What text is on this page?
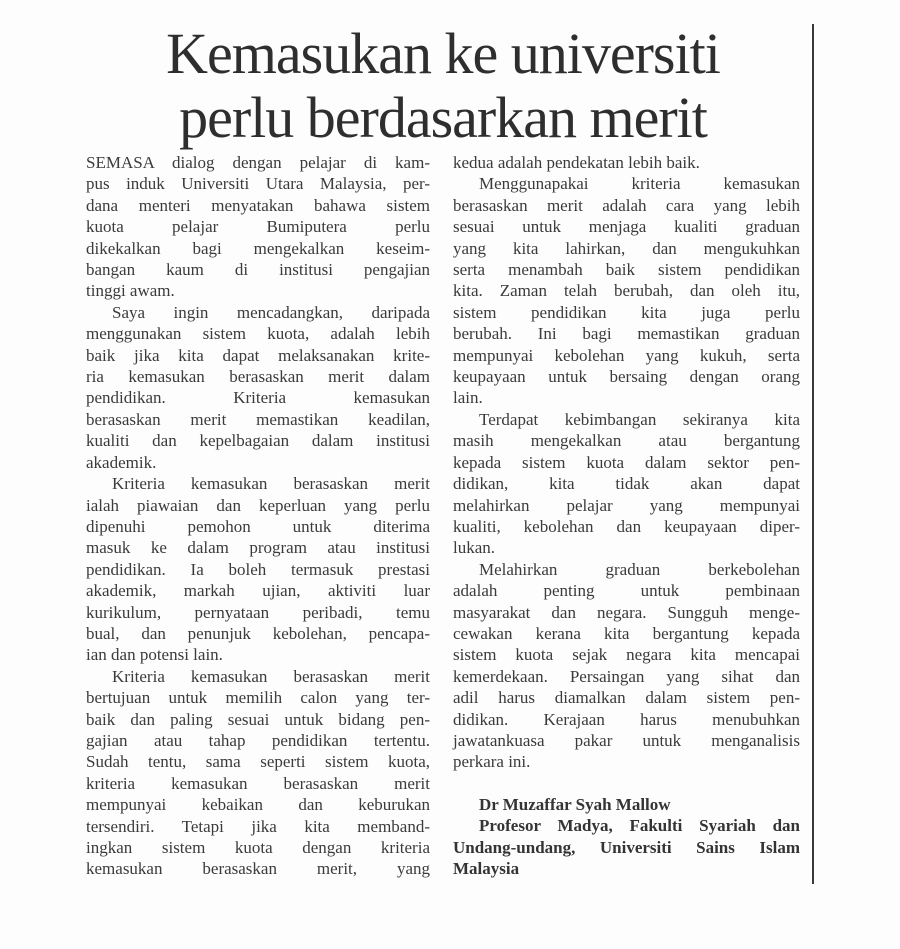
Kemasukan ke universiti
perlu berdasarkan merit
SEMASA dialog dengan pelajar di kam-
pus induk Universiti Utara Malaysia, per-
dana menteri menyatakan bahawa sistem
kuota pelajar Bumiputera perlu
dikekalkan bagi mengekalkan keseim-
bangan kaum di institusi pengajian
tinggi awam.
Saya ingin mencadangkan, daripada
menggunakan sistem kuota, adalah lebih
baik jika kita dapat melaksanakan krite-
ria kemasukan berasaskan merit dalam
pendidikan. Kriteria kemasukan
berasaskan merit memastikan keadilan,
kualiti dan kepelbagaian dalam institusi
akademik.
Kriteria kemasukan berasaskan merit
ialah piawaian dan keperluan yang perlu
dipenuhi pemohon untuk diterima
masuk ke dalam program atau institusi
pendidikan. Ia boleh termasuk prestasi
akademik, markah ujian, aktiviti luar
kurikulum, pernyataan peribadi, temu
bual, dan penunjuk kebolehan, pencapa-
ian dan potensi lain.
Kriteria kemasukan berasaskan merit
bertujuan untuk memilih calon yang ter-
baik dan paling sesuai untuk bidang pen-
gajian atau tahap pendidikan tertentu.
Sudah tentu, sama seperti sistem kuota,
kriteria kemasukan berasaskan merit
mempunyai kebaikan dan keburukan
tersendiri. Tetapi jika kita memband-
ingkan sistem kuota dengan kriteria
kemasukan berasaskan merit, yang
kedua adalah pendekatan lebih baik.
Menggunapakai kriteria kemasukan
berasaskan merit adalah cara yang lebih
sesuai untuk menjaga kualiti graduan
yang kita lahirkan, dan mengukuhkan
serta menambah baik sistem pendidikan
kita. Zaman telah berubah, dan oleh itu,
sistem pendidikan kita juga perlu
berubah. Ini bagi memastikan graduan
mempunyai kebolehan yang kukuh, serta
keupayaan untuk bersaing dengan orang
lain.
Terdapat kebimbangan sekiranya kita
masih mengekalkan atau bergantung
kepada sistem kuota dalam sektor pen-
didikan, kita tidak akan dapat
melahirkan pelajar yang mempunyai
kualiti, kebolehan dan keupayaan diper-
lukan.
Melahirkan graduan berkebolehan
adalah penting untuk pembinaan
masyarakat dan negara. Sungguh menge-
cewakan kerana kita bergantung kepada
sistem kuota sejak negara kita mencapai
kemerdekaan. Persaingan yang sihat dan
adil harus diamalkan dalam sistem pen-
didikan. Kerajaan harus menubuhkan
jawatankuasa pakar untuk menganalisis
perkara ini.
Dr Muzaffar Syah Mallow
Profesor Madya, Fakulti Syariah dan
Undang-undang, Universiti Sains Islam
Malaysia
